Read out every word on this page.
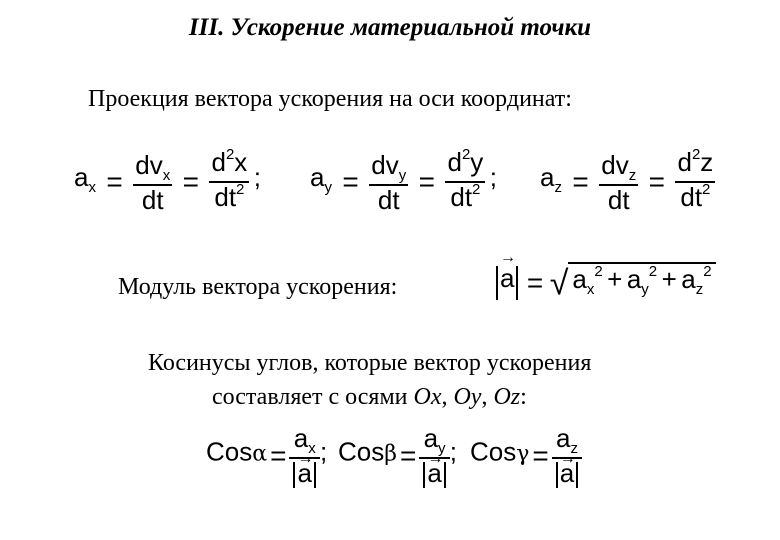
III. Ускорение материальной точки
Проекция вектора ускорения на оси координат:
ax = $\frac{dv_x}{dt} = \frac{d^2x}{dt^2}$ ; ay = $\frac{dv_y}{dt} = \frac{d^2y}{dt^2}$ ; az = $\frac{dv_z}{dt} = \frac{d^2z}{dt^2}$
Модуль вектора ускорения:
→	a = √ ax2 + ay2 + az2
Косинусы углов, которые вектор ускорения
составляет с осями Ox, Oy, Oz:
$Cos\alpha = a_x$
→ a ; $Cos\beta = a_y$
→ a ; $Cos\gamma = a_z$
→ a
